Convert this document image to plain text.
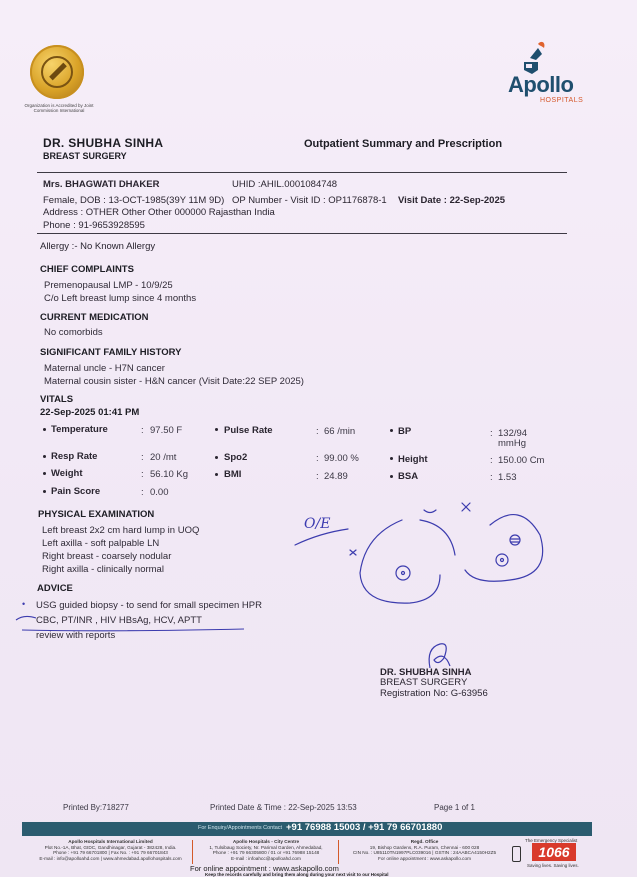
Organization is Accredited by Joint Commission International
Apollo
HOSPITALS
DR. SHUBHA SINHA
BREAST SURGERY
Outpatient Summary and Prescription
Mrs. BHAGWATI DHAKER	UHID :AHIL.0001084748
Female, DOB : 13-OCT-1985(39Y 11M 9D) OP Number - Visit ID : OP1176878-1 Visit Date : 22-Sep-2025
Address : OTHER Other Other 000000 Rajasthan India
Phone : 91-9653928595
Allergy :- No Known Allergy
CHIEF COMPLAINTS
Premenopausal LMP - 10/9/25
C/o Left breast lump since 4 months
CURRENT MEDICATION
No comorbids
SIGNIFICANT FAMILY HISTORY
Maternal uncle - H7N cancer
Maternal cousin sister - H&N cancer (Visit Date:22 SEP 2025)
VITALS
22-Sep-2025 01:41 PM
Temperature	: 97.50 F	Pulse Rate	: 66 /min	BP	: 132/94
mmHg
Resp Rate	: 20 /mt	Spo2	: 99.00 %	Height	: 150.00 Cm
Weight	: 56.10 Kg	BMI	: 24.89	BSA	: 1.53
Pain Score	: 0.00
PHYSICAL EXAMINATION
Left breast 2x2 cm hard lump in UOQ
Left axilla - soft palpable LN
Right breast - coarsely nodular
Right axilla - clinically normal
O/E
ADVICE
• USG guided biopsy - to send for small specimen HPR
CBC, PT/INR , HIV HBsAg, HCV, APTT
review with reports
DR. SHUBHA SINHA
BREAST SURGERY
Registration No: G-63956
Printed By:718277	Printed Date & Time : 22-Sep-2025 13:53	Page 1 of 1
For Enquiry/Appointments Contact +91 76988 15003 / +91 79 66701880
Apollo Hospitals International Limited
Plot No.-1A, Bhat, GIDC, Gandhinagar, Gujarat - 382428, India.
Phone : +91 79 66701800 | Fax No. : +91 79 66701843
E-mail : info@apolloahd.com | www.ahmedabad.apollohospitals.com
Apollo Hospitals - City Centre
1, Tulsibaug Society, Nr. Parimal Garden, Ahmedabad,
Phone : +91 79 66305800 / 01 or +91 76988 15148
E-mail : infoahcc@apolloahd.com
Regd. Office
19, Bishop Gardens, R.A. Puram, Chennai - 600 028
CIN No. : U85110TN1997PLC039016 | GSTIN : 24AABCA4150H2Z5
For online appointment : www.askapollo.com
The Emergency Specialist
1066
Saving lives. Saving lives.
For online appointment : www.askapollo.com
Keep the records carefully and bring them along during your next visit to our Hospital
